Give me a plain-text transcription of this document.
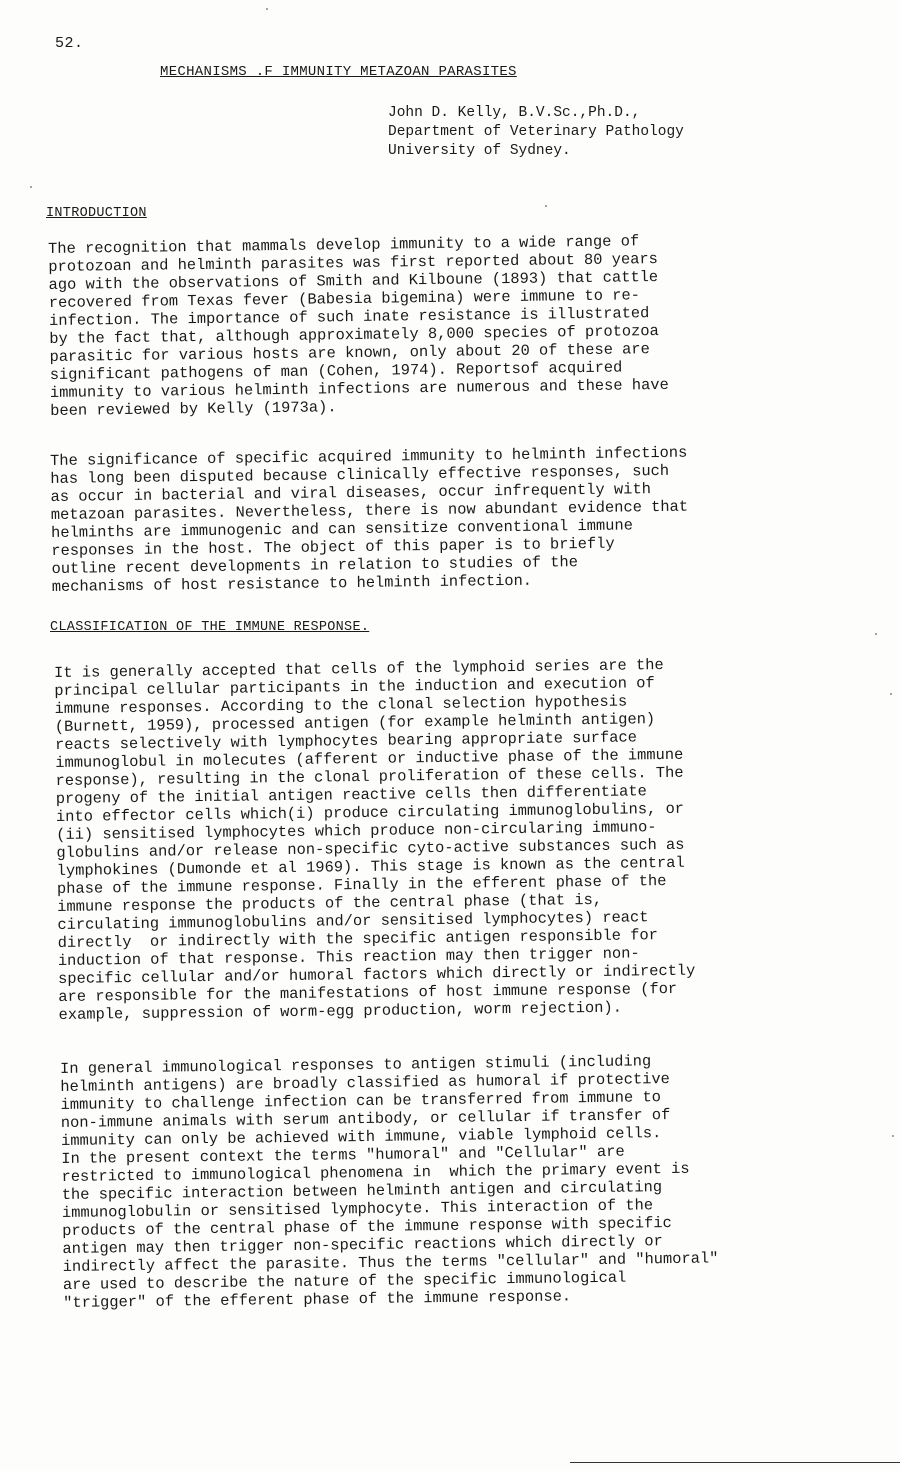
52.
MECHANISMS .F IMMUNITY METAZOAN PARASITES
John D. Kelly, B.V.Sc.,Ph.D.,
Department of Veterinary Pathology
University of Sydney.
INTRODUCTION
The recognition that mammals develop immunity to a wide range of
protozoan and helminth parasites was first reported about 80 years
ago with the observations of Smith and Kilboune (1893) that cattle
recovered from Texas fever (Babesia bigemina) were immune to re-
infection. The importance of such inate resistance is illustrated
by the fact that, although approximately 8,000 species of protozoa
parasitic for various hosts are known, only about 20 of these are
significant pathogens of man (Cohen, 1974). Reportsof acquired
immunity to various helminth infections are numerous and these have
been reviewed by Kelly (1973a).
The significance of specific acquired immunity to helminth infections
has long been disputed because clinically effective responses, such
as occur in bacterial and viral diseases, occur infrequently with
metazoan parasites. Nevertheless, there is now abundant evidence that
helminths are immunogenic and can sensitize conventional immune
responses in the host. The object of this paper is to briefly
outline recent developments in relation to studies of the
mechanisms of host resistance to helminth infection.
CLASSIFICATION OF THE IMMUNE RESPONSE.
It is generally accepted that cells of the lymphoid series are the
principal cellular participants in the induction and execution of
immune responses. According to the clonal selection hypothesis
(Burnett, 1959), processed antigen (for example helminth antigen)
reacts selectively with lymphocytes bearing appropriate surface
immunoglobul in molecutes (afferent or inductive phase of the immune
response), resulting in the clonal proliferation of these cells. The
progeny of the initial antigen reactive cells then differentiate
into effector cells which(i) produce circulating immunoglobulins, or
(ii) sensitised lymphocytes which produce non-circularing immuno-
globulins and/or release non-specific cyto-active substances such as
lymphokines (Dumonde et al 1969). This stage is known as the central
phase of the immune response. Finally in the efferent phase of the
immune response the products of the central phase (that is,
circulating immunoglobulins and/or sensitised lymphocytes) react
directly  or indirectly with the specific antigen responsible for
induction of that response. This reaction may then trigger non-
specific cellular and/or humoral factors which directly or indirectly
are responsible for the manifestations of host immune response (for
example, suppression of worm-egg production, worm rejection).
In general immunological responses to antigen stimuli (including
helminth antigens) are broadly classified as humoral if protective
immunity to challenge infection can be transferred from immune to
non-immune animals with serum antibody, or cellular if transfer of
immunity can only be achieved with immune, viable lymphoid cells.
In the present context the terms "humoral" and "Cellular" are
restricted to immunological phenomena in  which the primary event is
the specific interaction between helminth antigen and circulating
immunoglobulin or sensitised lymphocyte. This interaction of the
products of the central phase of the immune response with specific
antigen may then trigger non-specific reactions which directly or
indirectly affect the parasite. Thus the terms "cellular" and "humoral"
are used to describe the nature of the specific immunological
"trigger" of the efferent phase of the immune response.
